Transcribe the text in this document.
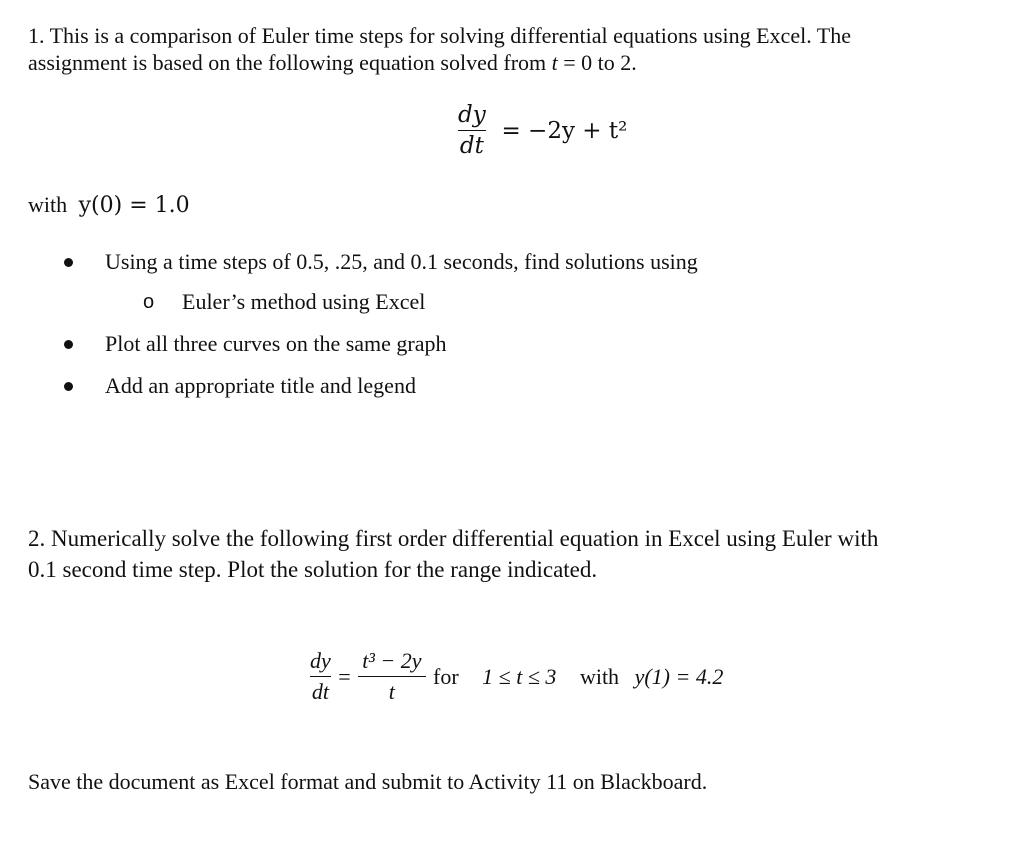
1. This is a comparison of Euler time steps for solving differential equations using Excel. The
assignment is based on the following equation solved from t = 0 to 2.
$\frac{dy}{dt} = -2y + t^2$
with y(0) = 1.0
Using a time steps of 0.5, .25, and 0.1 seconds, find solutions using
o Euler’s method using Excel
Plot all three curves on the same graph
Add an appropriate title and legend
2. Numerically solve the following first order differential equation in Excel using Euler with
0.1 second time step. Plot the solution for the range indicated.
$\frac{dy}{dt} = \frac{\text{t³ − 2y}}{t}$ for 1 ≤ t ≤ 3 with y(1) = 4.2
Save the document as Excel format and submit to Activity 11 on Blackboard.
